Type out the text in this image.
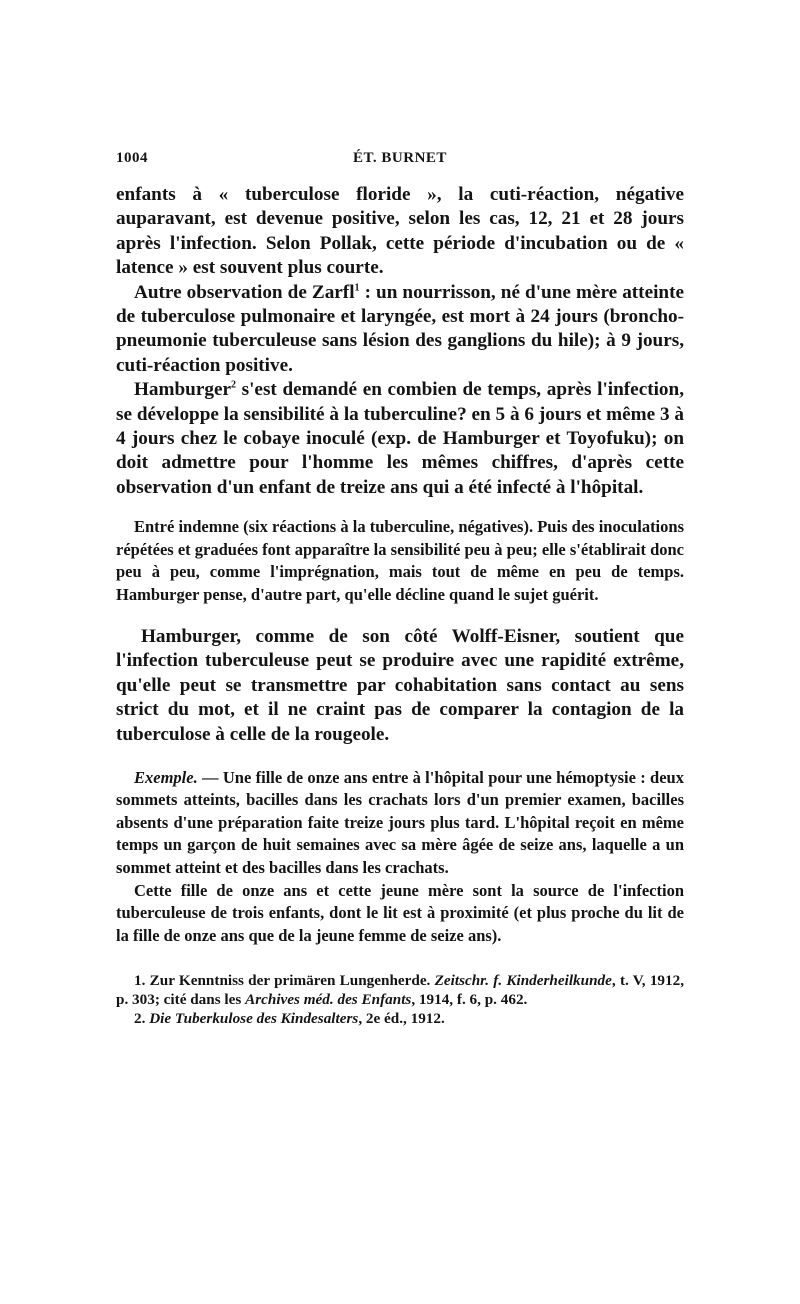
1004	ÉT. BURNET

enfants à « tuberculose floride », la cuti-réaction, négative auparavant, est devenue positive, selon les cas, 12, 21 et 28 jours après l'infection. Selon Pollak, cette période d'incubation ou de « latence » est souvent plus courte.

Autre observation de Zarfl$^1$ : un nourrisson, né d'une mère atteinte de tuberculose pulmonaire et laryngée, est mort à 24 jours (broncho-pneumonie tuberculeuse sans lésion des ganglions du hile); à 9 jours, cuti-réaction positive.

Hamburger$^2$ s'est demandé en combien de temps, après l'infection, se développe la sensibilité à la tuberculine? en 5 à 6 jours et même 3 à 4 jours chez le cobaye inoculé (exp. de Hamburger et Toyofuku); on doit admettre pour l'homme les mêmes chiffres, d'après cette observation d'un enfant de treize ans qui a été infecté à l'hôpital.

Entré indemne (six réactions à la tuberculine, négatives). Puis des inoculations répétées et graduées font apparaître la sensibilité peu à peu; elle s'établirait donc peu à peu, comme l'imprégnation, mais tout de même en peu de temps. Hamburger pense, d'autre part, qu'elle décline quand le sujet guérit.

Hamburger, comme de son côté Wolff-Eisner, soutient que l'infection tuberculeuse peut se produire avec une rapidité extrême, qu'elle peut se transmettre par cohabitation sans contact au sens strict du mot, et il ne craint pas de comparer la contagion de la tuberculose à celle de la rougeole.

Exemple. — Une fille de onze ans entre à l'hôpital pour une hémoptysie : deux sommets atteints, bacilles dans les crachats lors d'un premier examen, bacilles absents d'une préparation faite treize jours plus tard. L'hôpital reçoit en même temps un garçon de huit semaines avec sa mère âgée de seize ans, laquelle a un sommet atteint et des bacilles dans les crachats.

Cette fille de onze ans et cette jeune mère sont la source de l'infection tuberculeuse de trois enfants, dont le lit est à proximité (et plus proche du lit de la fille de onze ans que de la jeune femme de seize ans).

1. Zur Kenntniss der primären Lungenherde. Zeitschr. f. Kinderheilkunde, t. V, 1912, p. 303; cité dans les Archives méd. des Enfants, 1914, f. 6, p. 462.

2. Die Tuberkulose des Kindesalters, 2e éd., 1912.
